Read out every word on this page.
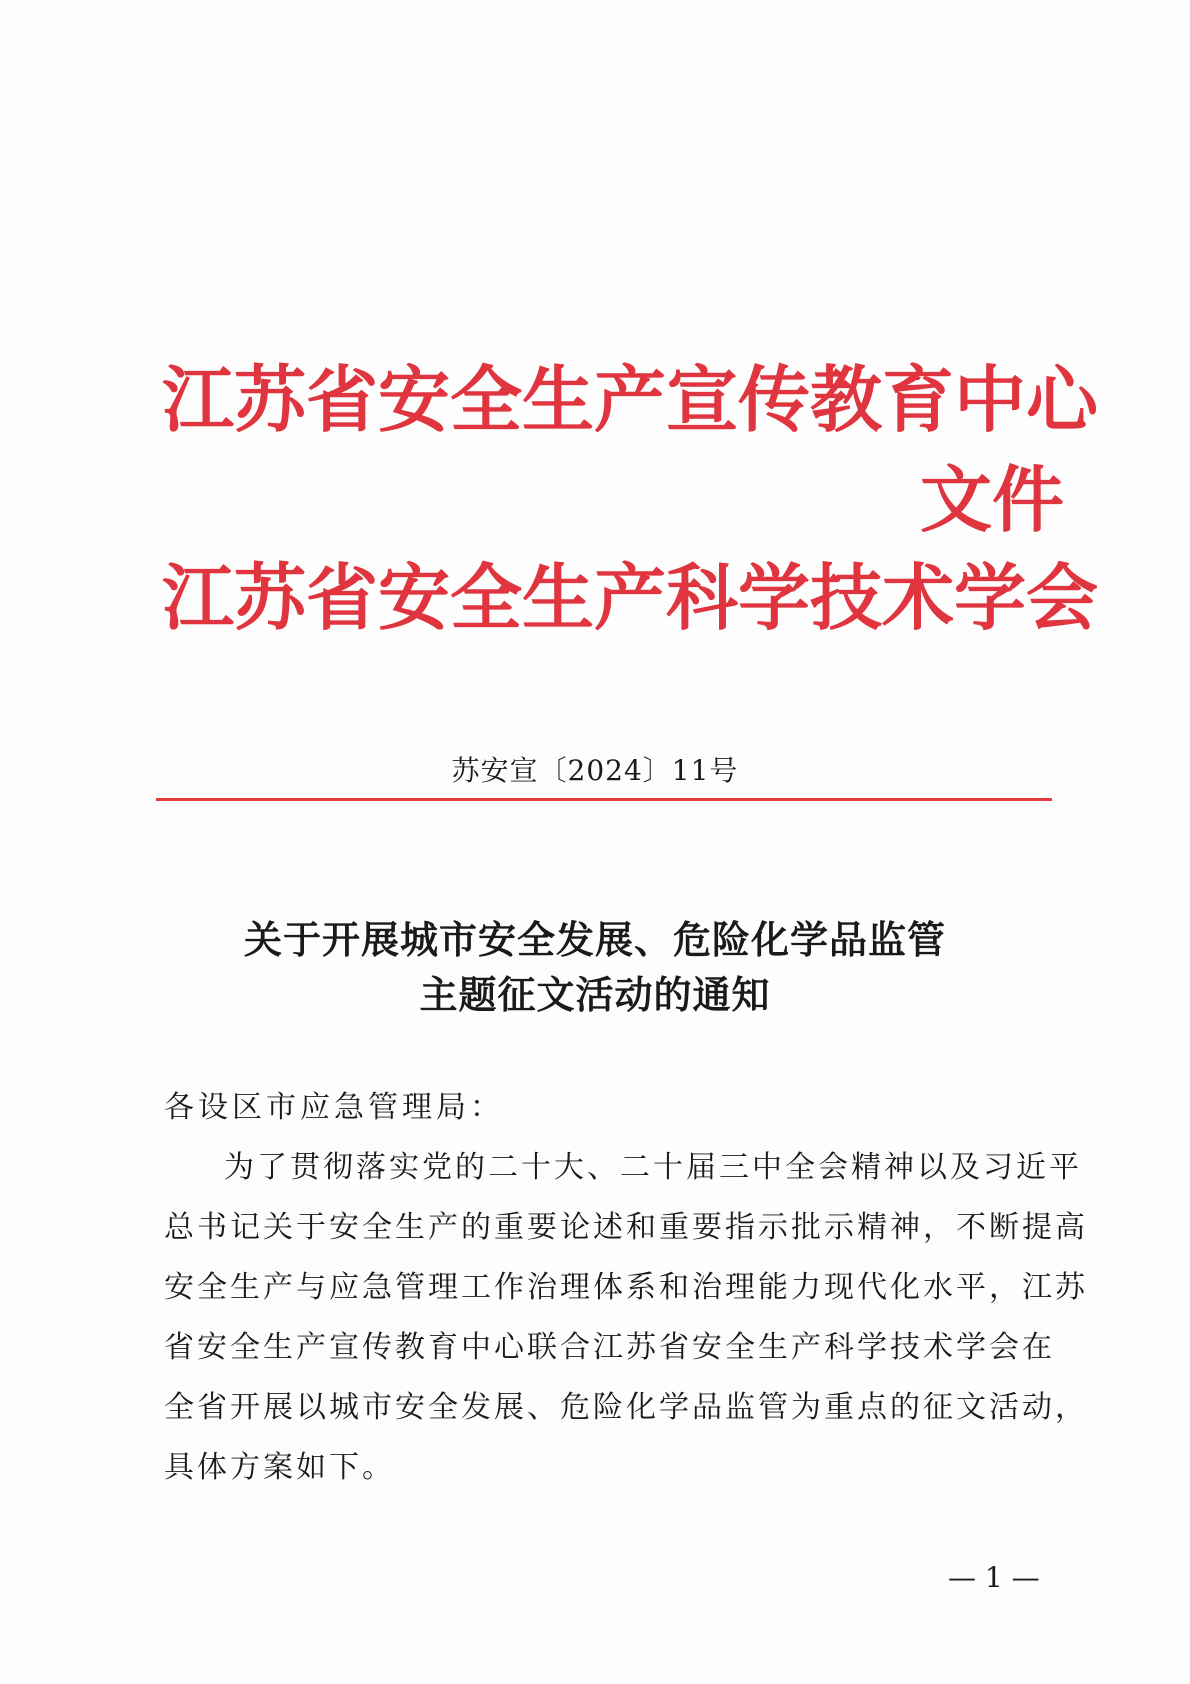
江苏省安全生产宣传教育中心
文件
江苏省安全生产科学技术学会
苏安宣〔2024〕11号
关于开展城市安全发展、危险化学品监管
主题征文活动的通知
各设区市应急管理局：
为了贯彻落实党的二十大、二十届三中全会精神以及习近平
总书记关于安全生产的重要论述和重要指示批示精神，不断提高
安全生产与应急管理工作治理体系和治理能力现代化水平，江苏
省安全生产宣传教育中心联合江苏省安全生产科学技术学会在
全省开展以城市安全发展、危险化学品监管为重点的征文活动，
具体方案如下。
— 1 —
